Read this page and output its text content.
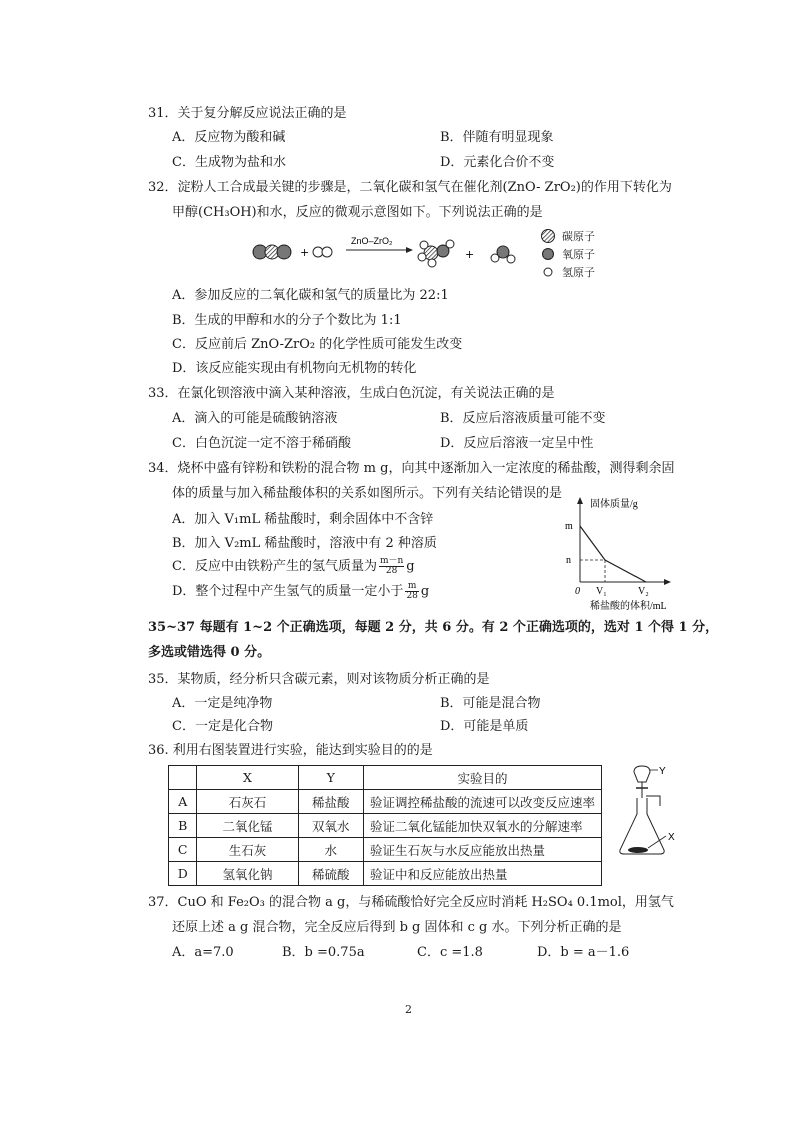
31．关于复分解反应说法正确的是
A．反应物为酸和碱	B．伴随有明显现象
C．生成物为盐和水	D．元素化合价不变
32．淀粉人工合成最关键的步骤是，二氧化碳和氢气在催化剂(ZnO- ZrO₂)的作用下转化为
甲醇(CH₃OH)和水，反应的微观示意图如下。下列说法正确的是
+
ZnO–ZrO₂
+
碳原子
氧原子
氢原子
A．参加反应的二氧化碳和氢气的质量比为 22:1
B．生成的甲醇和水的分子个数比为 1:1
C．反应前后 ZnO-ZrO₂ 的化学性质可能发生改变
D．该反应能实现由有机物向无机物的转化
33．在氯化钡溶液中滴入某种溶液，生成白色沉淀，有关说法正确的是
A．滴入的可能是硫酸钠溶液	B．反应后溶液质量可能不变
C．白色沉淀一定不溶于稀硝酸	D．反应后溶液一定呈中性
34．烧杯中盛有锌粉和铁粉的混合物 m g，向其中逐渐加入一定浓度的稀盐酸，测得剩余固
体的质量与加入稀盐酸体积的关系如图所示。下列有关结论错误的是
A．加入 V₁mL 稀盐酸时，剩余固体中不含锌
B．加入 V₂mL 稀盐酸时，溶液中有 2 种溶质
C．反应中由铁粉产生的氢气质量为 $\frac{m-n}{28}$ g
D．整个过程中产生氢气的质量一定小于 $\frac{m}{28}$ g
固体质量/g
m
n
0 V₁	V₂
稀盐酸的体积/mL
35~37 每题有 1~2 个正确选项，每题 2 分，共 6 分。有 2 个正确选项的，选对 1 个得 1 分，
多选或错选得 0 分。
35．某物质，经分析只含碳元素，则对该物质分析正确的是
A．一定是纯净物	B．可能是混合物
C．一定是化合物	D．可能是单质
36. 利用右图装置进行实验，能达到实验目的的是
	X	Y	实验目的
A	石灰石	稀盐酸	验证调控稀盐酸的流速可以改变反应速率
B	二氧化锰	双氧水	验证二氧化锰能加快双氧水的分解速率
C	生石灰	水	验证生石灰与水反应能放出热量
D	氢氧化钠	稀硫酸	验证中和反应能放出热量
Y
X
37．CuO 和 Fe₂O₃ 的混合物 a g，与稀硫酸恰好完全反应时消耗 H₂SO₄ 0.1mol，用氢气
还原上述 a g 混合物，完全反应后得到 b g 固体和 c g 水。下列分析正确的是
A．a=7.0	B．b =0.75a	C．c =1.8	D．b = a－1.6
2
